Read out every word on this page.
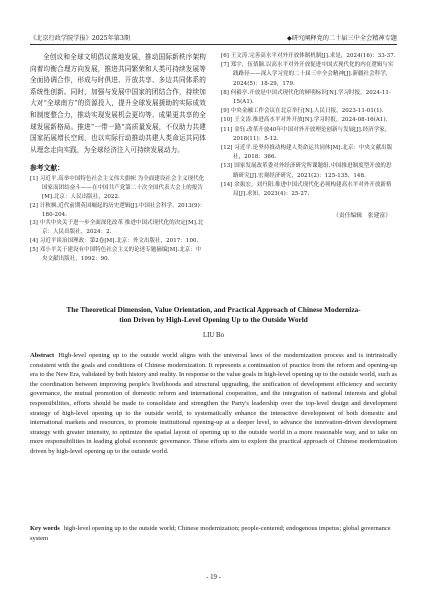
《北京行政学院学报》2025年第3期	◆研究阐释党的二十届三中全会精神专题

全创议和全球文明倡议落地发展，推动国际新秩序架构向着均衡合理方向发展，推进共同繁荣和人类可持续发展等全面协调合作，形成与时俱进、开放共享、多边共同体系的系统性创新。同时，加强与发展中国家的团结合作，持续加大对“全球南方”的资源投入，提升全球发展援助的实际成效和制度整合力，推动实现发展机会更均等、成果更共享的全球发展新格局。推进“一带一路”高质量发展，不仅助力共建国家拓展增长空间，也以实际行动推动共建人类命运共同体从理念走向实践，为全球经济注入可持续发展动力。

参考文献：
[1] 习近平.高举中国特色社会主义伟大旗帜 为全面建设社会主义现代化国家而团结奋斗——在中国共产党第二十次全国代表大会上的报告[M].北京：人民出版社，2022.
[2] 计秋枫.近代前期英国崛起的历史逻辑[J].中国社会科学，2013(9)：180-204.
[3] 中共中央关于进一步全面深化改革 推进中国式现代化的决定[M].北京：人民出版社，2024：2.
[4] 习近平谈治国理政：第2卷[M].北京：外文出版社，2017：100.
[5] 邓小平关于建设有中国特色社会主义的论述专题摘编[M].北京：中央文献出版社，1992：90.
[6] 王文涛.完善高水平对外开放体制机制[J].求是，2024(16)：33-37.
[7] 郑宇，伍倩颖.以高水平对外开放促进中国式现代化的内在逻辑与实践路径——深入学习党的二十届三中全会精神[J].新疆社会科学，2024(5)：18-29，179.
[8] 何毅亭.开放是中国式现代化的鲜明标识[N].学习时报，2024-11-15(A1).
[9] 中央金融工作会议在北京举行[N].人民日报，2023-11-01(1).
[10] 王文涛.推进高水平对外开放[N].学习时报，2024-08-16(A1).
[11] 金钰.改革开放40年中国对外开放理论创新与发展[J].经济学家，2018(11)：5-12.
[12] 习近平.论坚持推动构建人类命运共同体[M].北京：中央文献出版社，2018：366.
[13] 国家发展改革委对外经济研究所课题组.中国推进制度型开放的思路研究[J].宏观经济研究，2021(2)：125-135，148.
[14] 余振宏，刘丹阳.推进中国式现代化必须构建高水平对外开放新格局[J].求知，2023(4)：25-27.
（责任编辑　张建富）
The Theoretical Dimension, Value Orientation, and Practical Approach of Chinese Moderniza-
tion Driven by High-Level Opening Up to the Outside World
LIU Bo
Abstract High-level opening up to the outside world aligns with the universal laws of the modernization process and is intrinsically consistent with the goals and conditions of Chinese modernization. It represents a continuation of practice from the reform and opening-up era to the New Era, validated by both history and reality. In response to the value goals in high-level opening up to the outside world, such as the coordination between improving people's livelihoods and structural upgrading, the unification of development efficiency and security governance, the mutual promotion of domestic reform and international cooperation, and the integration of national interests and global responsibilities, efforts should be made to consolidate and strengthen the Party's leadership over the top-level design and development strategy of high-level opening up to the outside world, to systematically enhance the interactive development of both domestic and international markets and resources, to promote institutional opening-up at a deeper level, to advance the innovation-driven development strategy with greater intensity, to optimize the spatial layout of opening up to the outside world in a more reasonable way, and to take on more responsibilities in leading global economic governance. These efforts aim to explore the practical approach of Chinese modernization driven by high-level opening up to the outside world.
Key words high-level opening up to the outside world; Chinese modernization; people-centered; endogenous impetus; global governance system
- 19 -
